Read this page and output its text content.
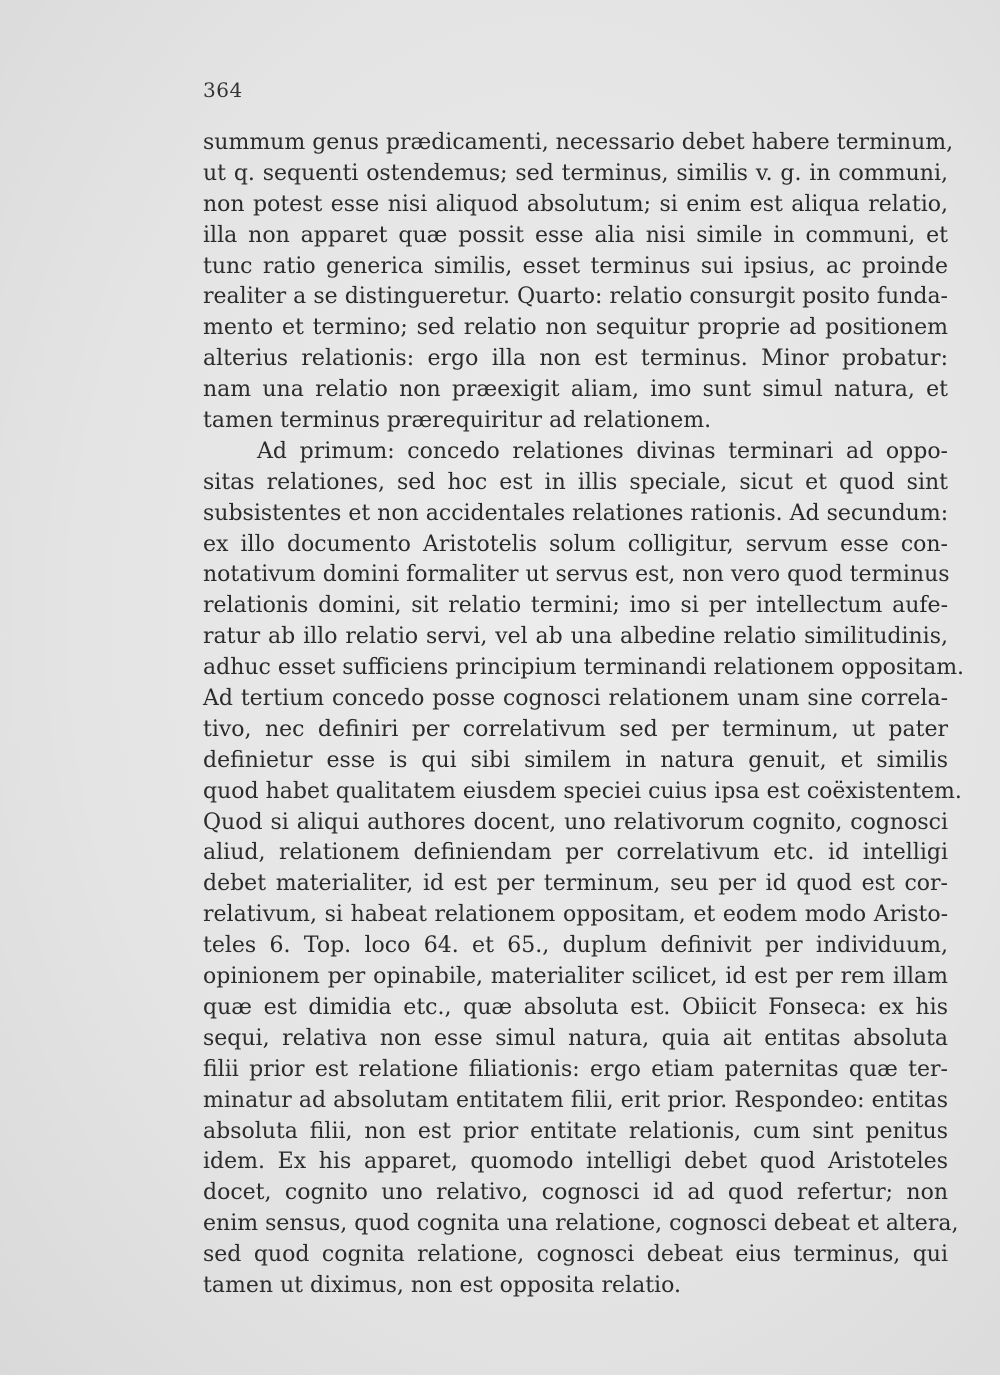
364
summum genus prædicamenti, necessario debet habere terminum,
ut q. sequenti ostendemus; sed terminus, similis v. g. in communi,
non potest esse nisi aliquod absolutum; si enim est aliqua relatio,
illa non apparet quæ possit esse alia nisi simile in communi, et
tunc ratio generica similis, esset terminus sui ipsius, ac proinde
realiter a se distingueretur. Quarto: relatio consurgit posito funda-
mento et termino; sed relatio non sequitur proprie ad positionem
alterius relationis: ergo illa non est terminus. Minor probatur:
nam una relatio non præexigit aliam, imo sunt simul natura, et
tamen terminus prærequiritur ad relationem.
Ad primum: concedo relationes divinas terminari ad oppo-
sitas relationes, sed hoc est in illis speciale, sicut et quod sint
subsistentes et non accidentales relationes rationis. Ad secundum:
ex illo documento Aristotelis solum colligitur, servum esse con-
notativum domini formaliter ut servus est, non vero quod terminus
relationis domini, sit relatio termini; imo si per intellectum aufe-
ratur ab illo relatio servi, vel ab una albedine relatio similitudinis,
adhuc esset sufficiens principium terminandi relationem oppositam.
Ad tertium concedo posse cognosci relationem unam sine correla-
tivo, nec definiri per correlativum sed per terminum, ut pater
definietur esse is qui sibi similem in natura genuit, et similis
quod habet qualitatem eiusdem speciei cuius ipsa est coëxistentem.
Quod si aliqui authores docent, uno relativorum cognito, cognosci
aliud, relationem definiendam per correlativum etc. id intelligi
debet materialiter, id est per terminum, seu per id quod est cor-
relativum, si habeat relationem oppositam, et eodem modo Aristo-
teles 6. Top. loco 64. et 65., duplum definivit per individuum,
opinionem per opinabile, materialiter scilicet, id est per rem illam
quæ est dimidia etc., quæ absoluta est. Obiicit Fonseca: ex his
sequi, relativa non esse simul natura, quia ait entitas absoluta
filii prior est relatione filiationis: ergo etiam paternitas quæ ter-
minatur ad absolutam entitatem filii, erit prior. Respondeo: entitas
absoluta filii, non est prior entitate relationis, cum sint penitus
idem. Ex his apparet, quomodo intelligi debet quod Aristoteles
docet, cognito uno relativo, cognosci id ad quod refertur; non
enim sensus, quod cognita una relatione, cognosci debeat et altera,
sed quod cognita relatione, cognosci debeat eius terminus, qui
tamen ut diximus, non est opposita relatio.
